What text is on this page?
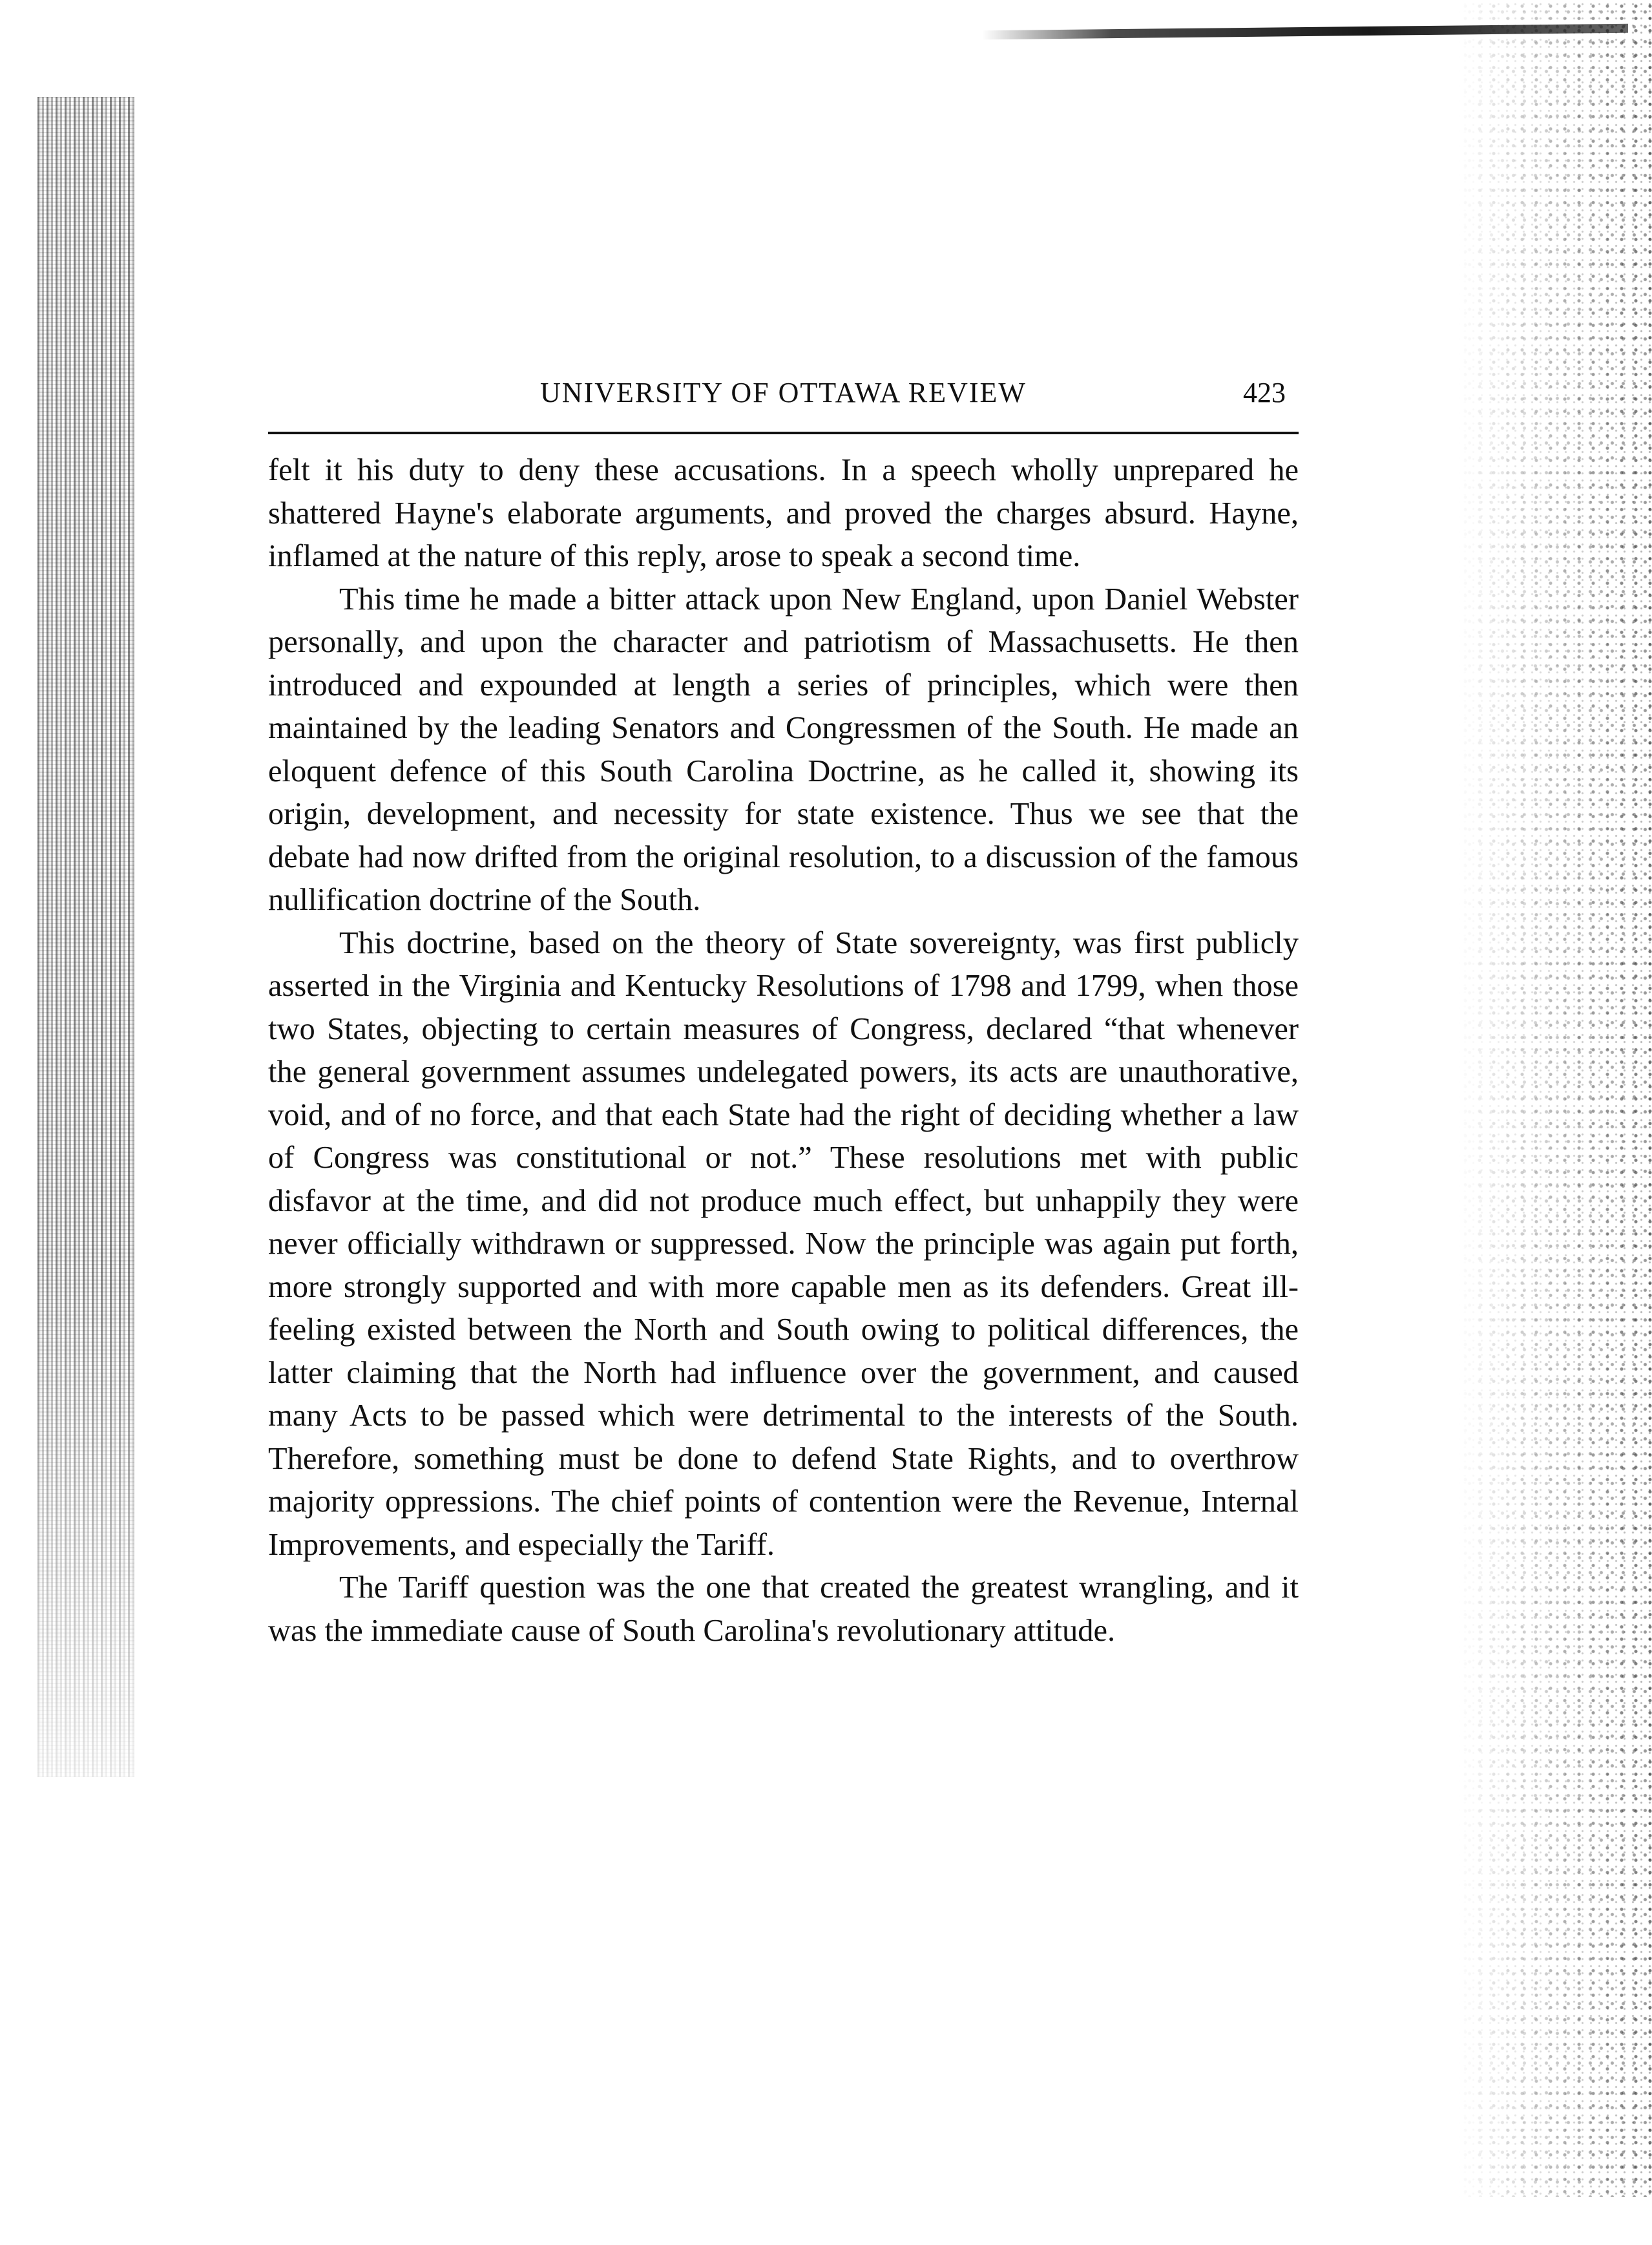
UNIVERSITY OF OTTAWA REVIEW	423

felt it his duty to deny these accusations. In a speech wholly unprepared he shattered Hayne's elaborate arguments, and proved the charges absurd. Hayne, inflamed at the nature of this reply, arose to speak a second time.

This time he made a bitter attack upon New England, upon Daniel Webster personally, and upon the character and patriotism of Massachusetts. He then introduced and expounded at length a series of principles, which were then maintained by the leading Senators and Congressmen of the South. He made an eloquent defence of this South Carolina Doctrine, as he called it, showing its origin, development, and necessity for state existence. Thus we see that the debate had now drifted from the original resolution, to a discussion of the famous nullification doctrine of the South.

This doctrine, based on the theory of State sovereignty, was first publicly asserted in the Virginia and Kentucky Resolutions of 1798 and 1799, when those two States, objecting to certain measures of Congress, declared “that whenever the general government assumes undelegated powers, its acts are unauthorative, void, and of no force, and that each State had the right of deciding whether a law of Congress was constitutional or not.” These resolutions met with public disfavor at the time, and did not produce much effect, but unhappily they were never officially withdrawn or suppressed. Now the principle was again put forth, more strongly supported and with more capable men as its defenders. Great ill-feeling existed between the North and South owing to political differences, the latter claiming that the North had influence over the government, and caused many Acts to be passed which were detrimental to the interests of the South. Therefore, something must be done to defend State Rights, and to overthrow majority oppressions. The chief points of contention were the Revenue, Internal Improvements, and especially the Tariff.

The Tariff question was the one that created the greatest wrangling, and it was the immediate cause of South Carolina's revolutionary attitude.
